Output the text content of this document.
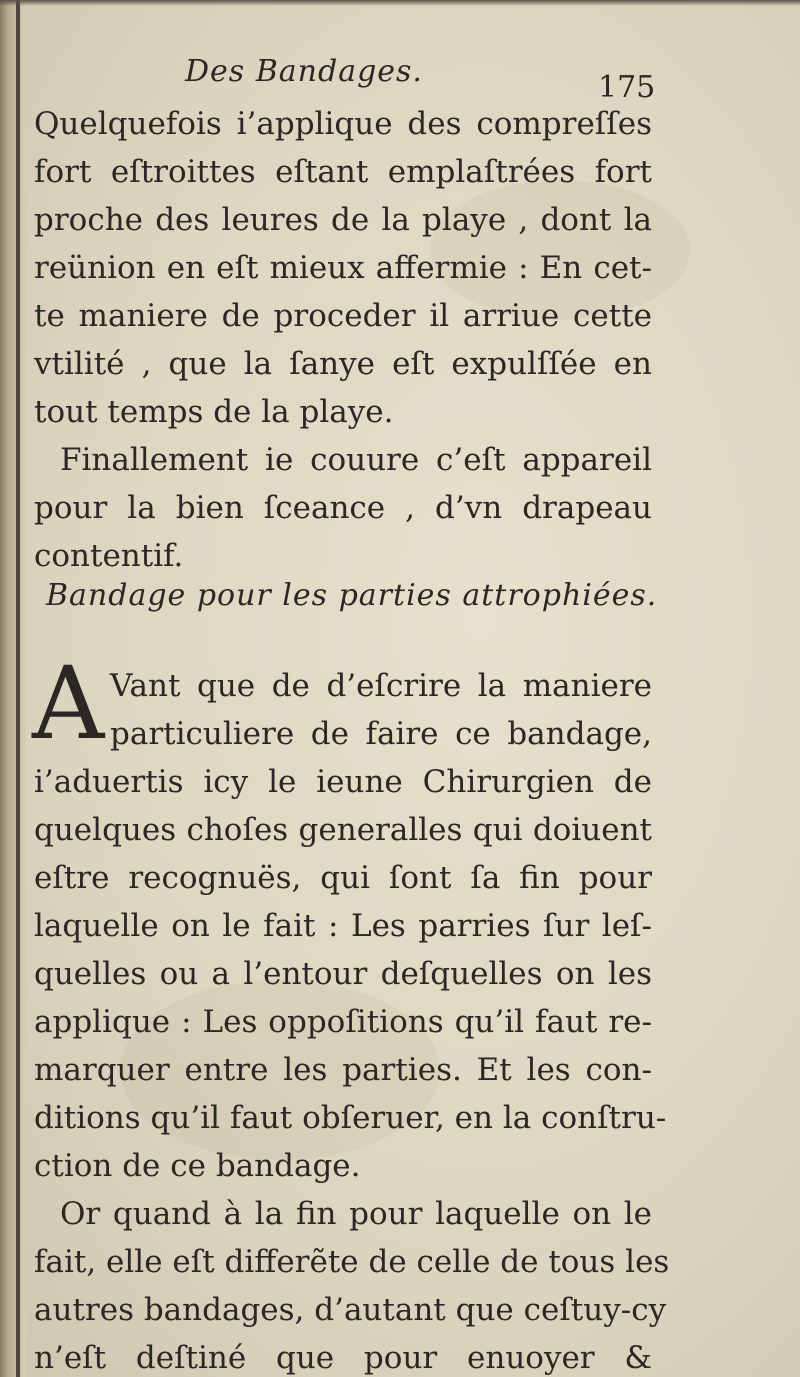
Des Bandages.	175
Quelquefois i’applique des compreſſes
fort eſtroittes eſtant emplaſtrées fort
proche des leures de la playe , dont la
reünion en eſt mieux affermie : En cet-
te maniere de proceder il arriue cette
vtilité , que la ſanye eſt expulſſée en
tout temps de la playe.
Finallement ie couure c’eſt appareil
pour la bien ſceance , d’vn drapeau
contentif.
Bandage pour les parties attrophiées.
A Vant que de d’eſcrire la maniere
particuliere de faire ce bandage,
i’aduertis icy le ieune Chirurgien de
quelques choſes generalles qui doiuent
eſtre recognuës, qui ſont ſa fin pour
laquelle on le fait : Les parries ſur leſ-
quelles ou a l’entour deſquelles on les
applique : Les oppoſitions qu’il faut re-
marquer entre les parties. Et les con-
ditions qu’il faut obſeruer, en la conſtru-
ction de ce bandage.
Or quand à la fin pour laquelle on le
fait, elle eſt differẽte de celle de tous les
autres bandages, d’autant que ceſtuy-cy
n’eſt deſtiné que pour enuoyer &
